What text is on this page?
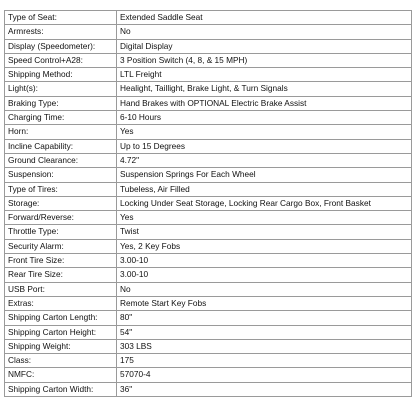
Type of Seat:	Extended Saddle Seat
Armrests:	No
Display (Speedometer):	Digital Display
Speed Control+A28:	3 Position Switch (4, 8, & 15 MPH)
Shipping Method:	LTL Freight
Light(s):	Healight, Taillight, Brake Light, & Turn Signals
Braking Type:	Hand Brakes with OPTIONAL Electric Brake Assist
Charging Time:	6-10 Hours
Horn:	Yes
Incline Capability:	Up to 15 Degrees
Ground Clearance:	4.72"
Suspension:	Suspension Springs For Each Wheel
Type of Tires:	Tubeless, Air Filled
Storage:	Locking Under Seat Storage, Locking Rear Cargo Box, Front Basket
Forward/Reverse:	Yes
Throttle Type:	Twist
Security Alarm:	Yes, 2 Key Fobs
Front Tire Size:	3.00-10
Rear Tire Size:	3.00-10
USB Port:	No
Extras:	Remote Start Key Fobs
Shipping Carton Length:	80"
Shipping Carton Height:	54"
Shipping Weight:	303 LBS
Class:	175
NMFC:	57070-4
Shipping Carton Width:	36"
